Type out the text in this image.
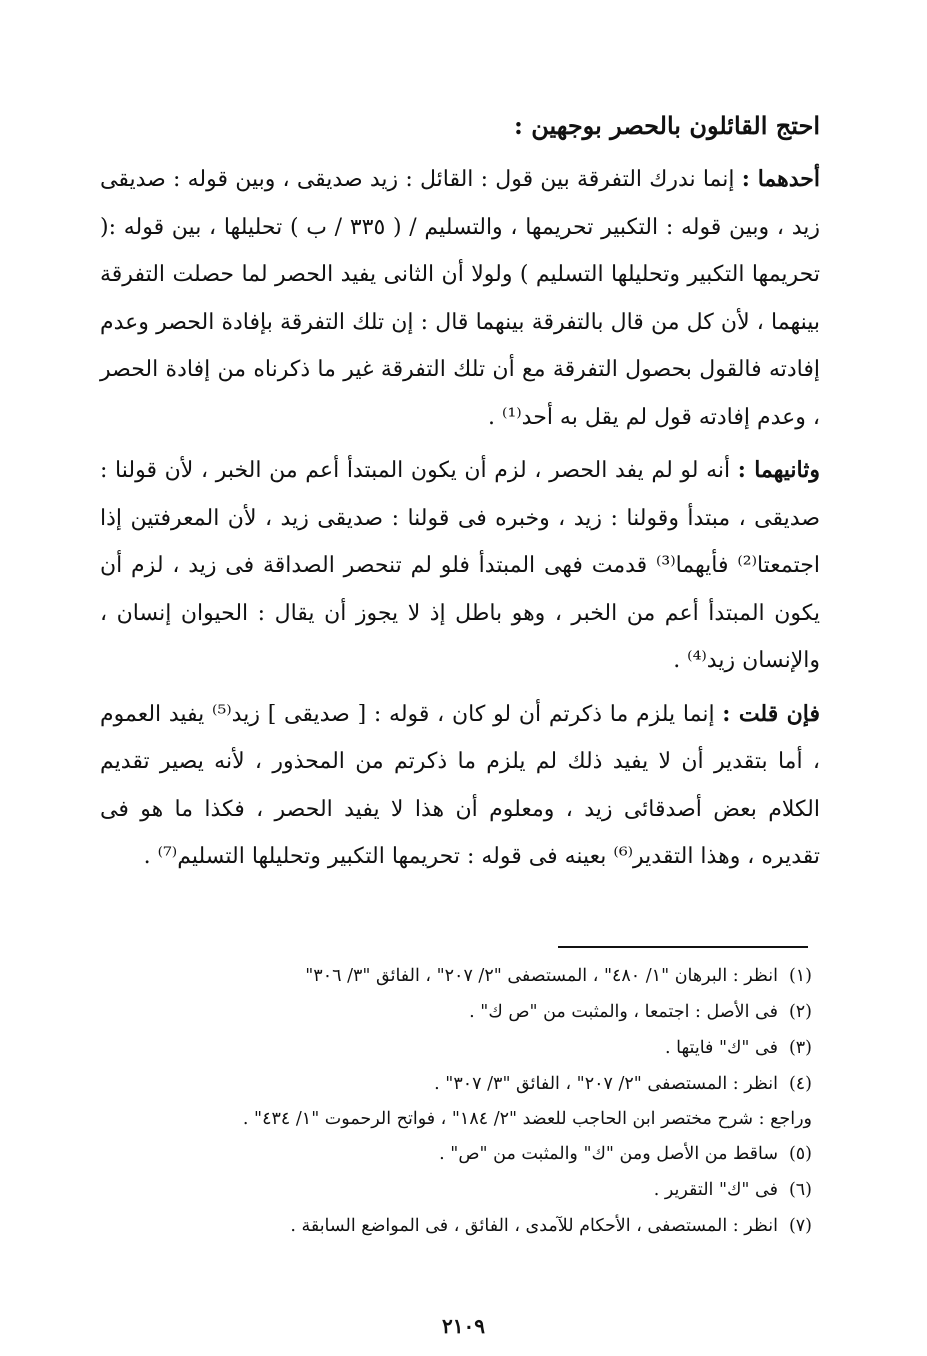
احتج القائلون بالحصر بوجهين :

أحدهما : إنما ندرك التفرقة بين قول : القائل : زيد صديقى ، وبين قوله : صديقى زيد ، وبين قوله : التكبير تحريمها ، والتسليم / ( ٣٣٥ / ب ) تحليلها ، بين قوله :( تحريمها التكبير وتحليلها التسليم ) ولولا أن الثانى يفيد الحصر لما حصلت التفرقة بينهما ، لأن كل من قال بالتفرقة بينهما قال : إن تلك التفرقة بإفادة الحصر وعدم إفادته فالقول بحصول التفرقة مع أن تلك التفرقة غير ما ذكرناه من إفادة الحصر ، وعدم إفادته قول لم يقل به أحد⁽¹⁾ .

وثانيهما : أنه لو لم يفد الحصر ، لزم أن يكون المبتدأ أعم من الخبر ، لأن قولنا : صديقى ، مبتدأ وقولنا : زيد ، وخبره فى قولنا : صديقى زيد ، لأن المعرفتين إذا اجتمعتا⁽²⁾ فأيهما⁽³⁾ قدمت فهى المبتدأ فلو لم تنحصر الصداقة فى زيد ، لزم أن يكون المبتدأ أعم من الخبر ، وهو باطل إذ لا يجوز أن يقال : الحيوان إنسان ، والإنسان زيد⁽⁴⁾ .

فإن قلت : إنما يلزم ما ذكرتم أن لو كان ، قوله : [ صديقى ] زيد⁽⁵⁾ يفيد العموم ، أما بتقدير أن لا يفيد ذلك لم يلزم ما ذكرتم من المحذور ، لأنه يصير تقديم الكلام بعض أصدقائى زيد ، ومعلوم أن هذا لا يفيد الحصر ، فكذا ما هو فى تقديره ، وهذا التقدير⁽⁶⁾ بعينه فى قوله : تحريمها التكبير وتحليلها التسليم⁽⁷⁾ .

(١)
انظر : البرهان "١/ ٤٨٠" ، المستصفى "٢/ ٢٠٧" ، الفائق "٣/ ٣٠٦"
(٢)
فى الأصل : اجتمعا ، والمثبت من "ص ك" .
(٣)
فى "ك" فايتها .
(٤)
انظر : المستصفى "٢/ ٢٠٧" ، الفائق "٣/ ٣٠٧" .
وراجع : شرح مختصر ابن الحاجب للعضد "٢/ ١٨٤" ، فواتح الرحموت "١/ ٤٣٤" .
(٥)
ساقط من الأصل ومن "ك" والمثبت من "ص" .
(٦)
فى "ك" التقرير .
(٧)
انظر : المستصفى ، الأحكام للآمدى ، الفائق ، فى المواضع السابقة .
٢١٠٩
